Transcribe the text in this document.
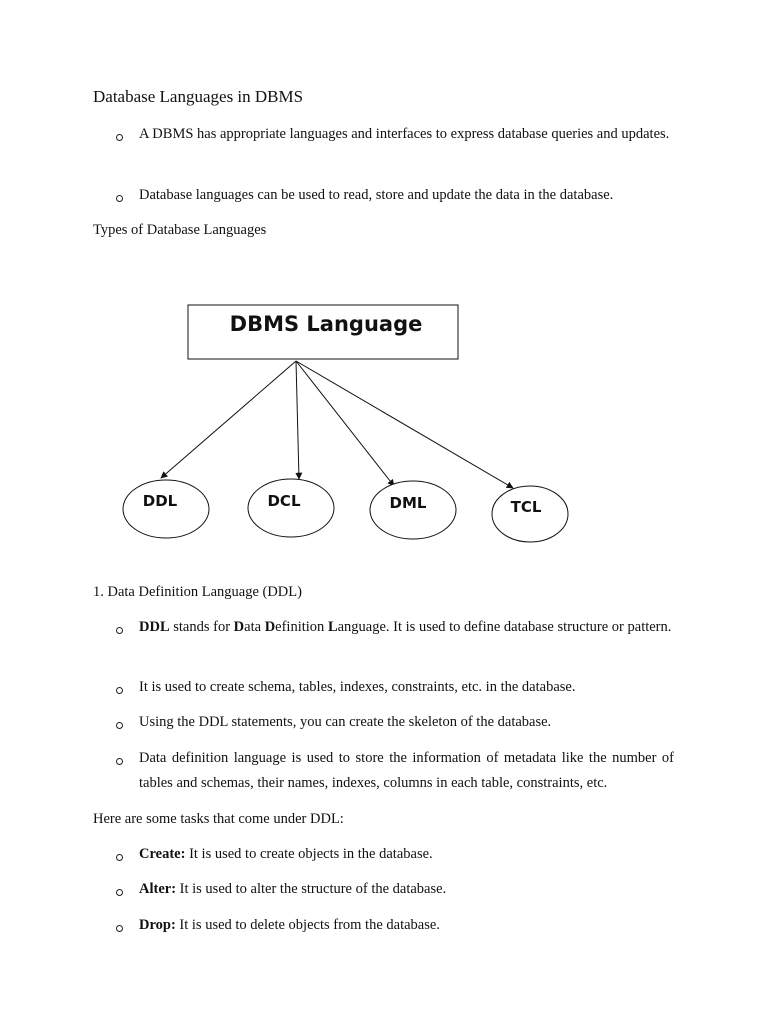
Database Languages in DBMS
A DBMS has appropriate languages and interfaces to express database queries and updates.
Database languages can be used to read, store and update the data in the database.
Types of Database Languages
DBMS Language
DDL	DCL	DML	TCL
1. Data Definition Language (DDL)
DDL stands for Data Definition Language. It is used to define database structure or pattern.
It is used to create schema, tables, indexes, constraints, etc. in the database.
Using the DDL statements, you can create the skeleton of the database.
Data definition language is used to store the information of metadata like the number of tables and schemas, their names, indexes, columns in each table, constraints, etc.
Here are some tasks that come under DDL:
Create: It is used to create objects in the database.
Alter: It is used to alter the structure of the database.
Drop: It is used to delete objects from the database.
